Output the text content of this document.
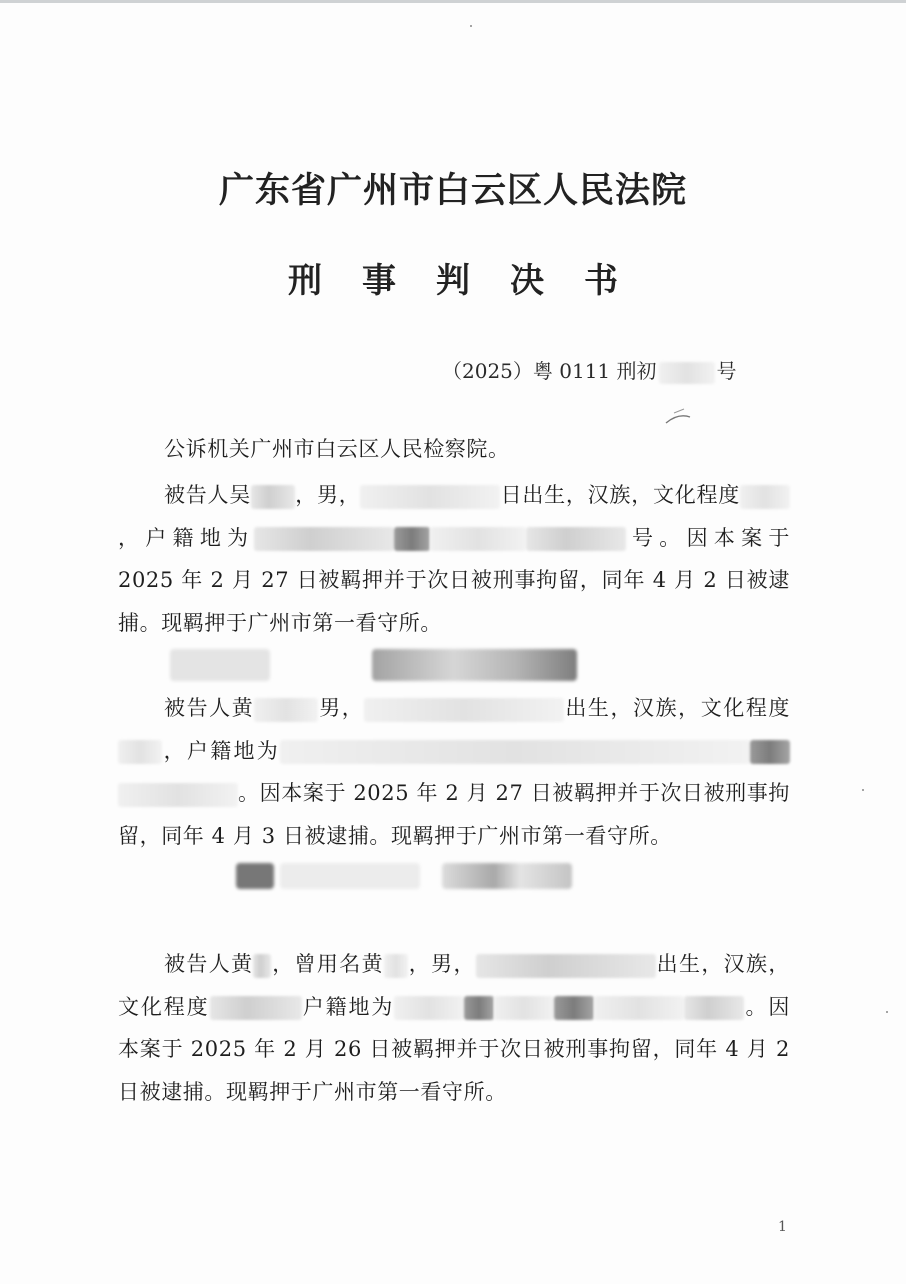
广东省广州市白云区人民法院
刑事判决书
（2025）粤 0111 刑初	号
公诉机关广州市白云区人民检察院。
被告人吴 ，男，	日出生，汉族，文化程度，户籍地为	号。因本案于 2025 年 2 月 27 日被羁押并于次日被刑事拘留，同年 4 月 2 日被逮捕。现羁押于广州市第一看守所。
被告人黄	男，	出生，汉族，文化程度，户籍地为。因本案于 2025 年 2 月 27 日被羁押并于次日被刑事拘留，同年 4 月 3 日被逮捕。现羁押于广州市第一看守所。
被告人黄 ，曾用名黄 ，男，	出生，汉族，文化程度	户籍地为	。因本案于 2025 年 2 月 26 日被羁押并于次日被刑事拘留，同年 4 月 2 日被逮捕。现羁押于广州市第一看守所。
1
